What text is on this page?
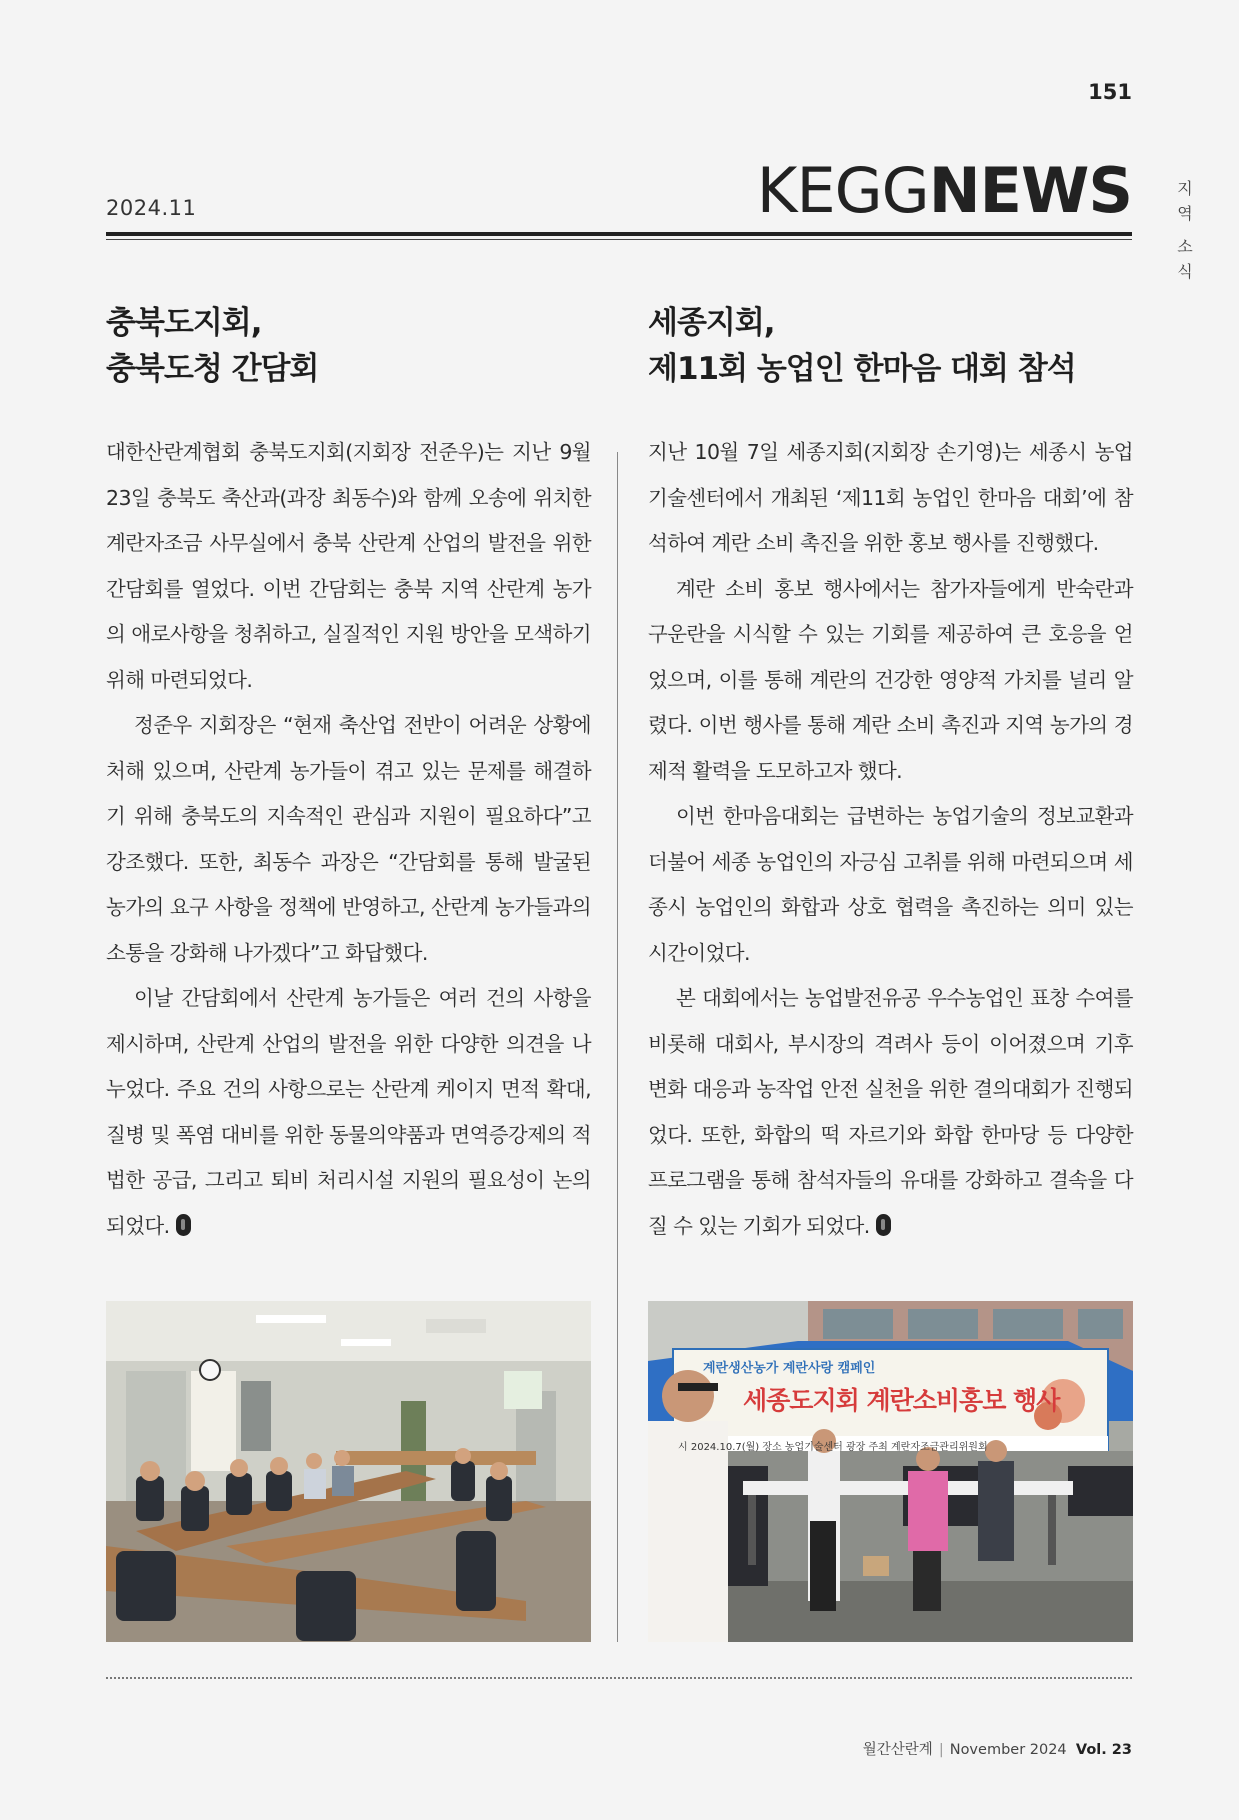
151
2024.11	KEGGNEWS	지
역
소
식
충북도지회,
충북도청 간담회

대한산란계협회 충북도지회(지회장 전준우)는 지난 9월 23일 충북도 축산과(과장 최동수)와 함께 오송에 위치한 계란자조금 사무실에서 충북 산란계 산업의 발전을 위한 간담회를 열었다. 이번 간담회는 충북 지역 산란계 농가의 애로사항을 청취하고, 실질적인 지원 방안을 모색하기 위해 마련되었다.

정준우 지회장은 “현재 축산업 전반이 어려운 상황에 처해 있으며, 산란계 농가들이 겪고 있는 문제를 해결하기 위해 충북도의 지속적인 관심과 지원이 필요하다”고 강조했다. 또한, 최동수 과장은 “간담회를 통해 발굴된 농가의 요구 사항을 정책에 반영하고, 산란계 농가들과의 소통을 강화해 나가겠다”고 화답했다.

이날 간담회에서 산란계 농가들은 여러 건의 사항을 제시하며, 산란계 산업의 발전을 위한 다양한 의견을 나누었다. 주요 건의 사항으로는 산란계 케이지 면적 확대, 질병 및 폭염 대비를 위한 동물의약품과 면역증강제의 적법한 공급, 그리고 퇴비 처리시설 지원의 필요성이 논의되었다.

세종지회,
제11회 농업인 한마음 대회 참석

지난 10월 7일 세종지회(지회장 손기영)는 세종시 농업기술센터에서 개최된 ‘제11회 농업인 한마음 대회’에 참석하여 계란 소비 촉진을 위한 홍보 행사를 진행했다.

계란 소비 홍보 행사에서는 참가자들에게 반숙란과 구운란을 시식할 수 있는 기회를 제공하여 큰 호응을 얻었으며, 이를 통해 계란의 건강한 영양적 가치를 널리 알렸다. 이번 행사를 통해 계란 소비 촉진과 지역 농가의 경제적 활력을 도모하고자 했다.

이번 한마음대회는 급변하는 농업기술의 정보교환과 더불어 세종 농업인의 자긍심 고취를 위해 마련되으며 세종시 농업인의 화합과 상호 협력을 촉진하는 의미 있는 시간이었다.

본 대회에서는 농업발전유공 우수농업인 표창 수여를 비롯해 대회사, 부시장의 격려사 등이 이어졌으며 기후 변화 대응과 농작업 안전 실천을 위한 결의대회가 진행되었다. 또한, 화합의 떡 자르기와 화합 한마당 등 다양한 프로그램을 통해 참석자들의 유대를 강화하고 결속을 다질 수 있는 기회가 되었다.

계란생산농가 계란사랑 캠페인
세종도지회 계란소비홍보 행사
시 2024.10.7(월) 장소 농업기술센터 광장 주최 계란자조금관리위원회
월간산란계 | November 2024 Vol. 23
